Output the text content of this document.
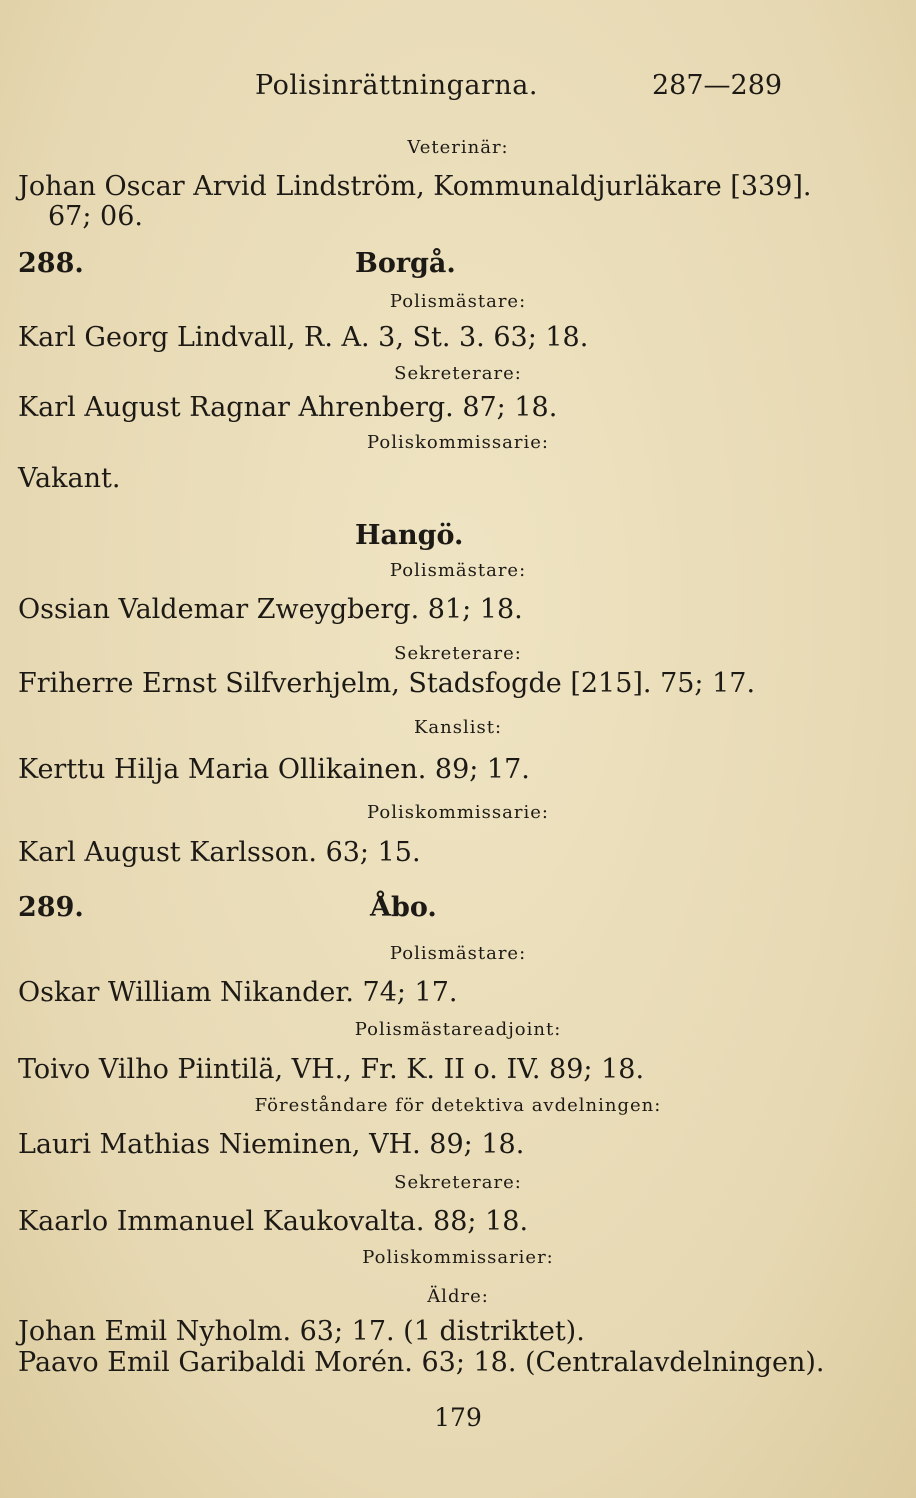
Polisinrättningarna.	287—289
Veterinär:
Johan Oscar Arvid Lindström, Kommunaldjurläkare [339].
67; 06.
288.	Borgå.
Polismästare:
Karl Georg Lindvall, R. A. 3, St. 3. 63; 18.
Sekreterare:
Karl August Ragnar Ahrenberg. 87; 18.
Poliskommissarie:
Vakant.
Hangö.
Polismästare:
Ossian Valdemar Zweygberg. 81; 18.
Sekreterare:
Friherre Ernst Silfverhjelm, Stadsfogde [215]. 75; 17.
Kanslist:
Kerttu Hilja Maria Ollikainen. 89; 17.
Poliskommissarie:
Karl August Karlsson. 63; 15.
289.	Åbo.
Polismästare:
Oskar William Nikander. 74; 17.
Polismästareadjoint:
Toivo Vilho Piintilä, VH., Fr. K. II o. IV. 89; 18.
Föreståndare för detektiva avdelningen:
Lauri Mathias Nieminen, VH. 89; 18.
Sekreterare:
Kaarlo Immanuel Kaukovalta. 88; 18.
Poliskommissarier:
Äldre:
Johan Emil Nyholm. 63; 17. (1 distriktet).
Paavo Emil Garibaldi Morén. 63; 18. (Centralavdelningen).
179
